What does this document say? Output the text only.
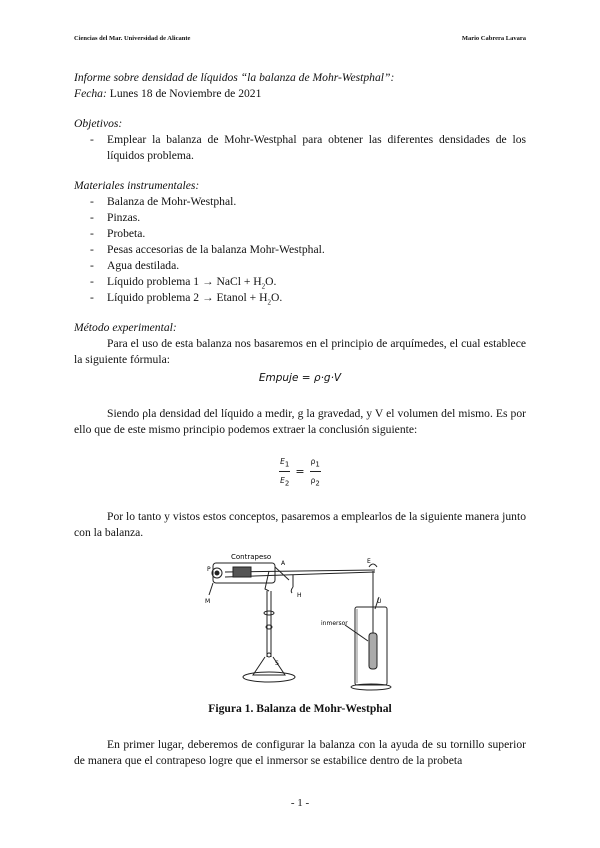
Ciencias del Mar. Universidad de Alicante	Mario Cabrera Lavara
Informe sobre densidad de líquidos “la balanza de Mohr-Westphal”:
Fecha: Lunes 18 de Noviembre de 2021
Objetivos:
- Emplear la balanza de Mohr-Westphal para obtener las diferentes densidades de los líquidos problema.
Materiales instrumentales:
- Balanza de Mohr-Westphal.
- Pinzas.
- Probeta.
- Pesas accesorias de la balanza Mohr-Westphal.
- Agua destilada.
- Líquido problema 1 → NaCl + $H_2O$.
- Líquido problema 2 → Etanol + $H_2O$.
Método experimental:
Para el uso de esta balanza nos basaremos en el principio de arquímedes, el cual establece la siguiente fórmula:
Empuje = ρ·g·V
Siendo ρla densidad del líquido a medir, g la gravedad, y V el volumen del mismo. Es por ello que de este mismo principio podemos extraer la conclusión siguiente:
$\frac{E_1}{E_2} = \frac{\rho_1}{\rho_2}$
Por lo tanto y vistos estos conceptos, pasaremos a emplearlos de la siguiente manera junto con la balanza.
Contrapeso
P
M
A	E
H
U
inmersor
S
Figura 1. Balanza de Mohr-Westphal
En primer lugar, deberemos de configurar la balanza con la ayuda de su tornillo superior de manera que el contrapeso logre que el inmersor se estabilice dentro de la probeta
- 1 -
